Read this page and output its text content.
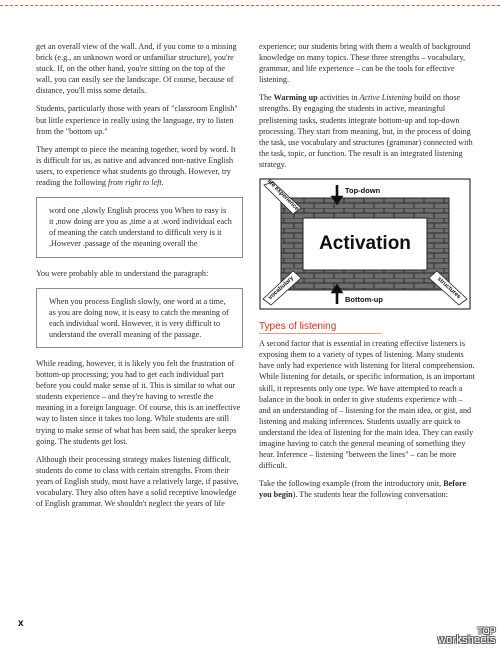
get an overall view of the wall. And, if you come to a missing brick (e.g., an unknown word or unfamiliar structure), you're stuck. If, on the other hand, you're sitting on the top of the wall, you can easily see the landscape. Of course, because of distance, you'll miss some details.

Students, particularly those with years of "classroom English" but little experience in really using the language, try to listen from the "bottom up."

They attempt to piece the meaning together, word by word. It is difficult for us, as native and advanced non-native English users, to experience what students go through. However, try reading the following from right to left.

word one ,slowly English process you When to easy is it ,now doing are you as ,time a at .word individual each of meaning the catch understand to difficult very is it ,However .passage of the meaning overall the

You were probably able to understand the paragraph:

When you process English slowly, one word at a time, as you are doing now, it is easy to catch the meaning of each individual word. However, it is very difficult to understand the overall meaning of the passage.

While reading, however, it is likely you felt the frustration of bottom-up processing; you had to get each individual part before you could make sense of it. This is similar to what our students experience – and they're having to wrestle the meaning in a foreign language. Of course, this is an ineffective way to listen since it takes too long. While students are still trying to make sense of what has been said, the speaker keeps going. The students get lost.

Although their processing strategy makes listening difficult, students do come to class with certain strengths. From their years of English study, most have a relatively large, if passive, vocabulary. They also often have a solid receptive knowledge of English grammar. We shouldn't neglect the years of life

experience; our students bring with them a wealth of background knowledge on many topics. These three strengths – vocabulary, grammar, and life experience – can be the tools for effective listening.

The Warming up activities in Active Listening build on those strengths. By engaging the students in active, meaningful prelistening tasks, students integrate bottom-up and top-down processing. They start from meaning, but, in the process of doing the task, use vocabulary and structures (grammar) connected with the task, topic, or function. The result is an integrated listening strategy.

Activation
Top-down
Bottom-up
life experience
vocabulary	structures

Types of listening

A second factor that is essential in creating effective listeners is exposing them to a variety of types of listening. Many students have only had experience with listening for literal comprehension. While listening for details, or specific information, is an important skill, it represents only one type. We have attempted to reach a balance in the book in order to give students experience with – and an understanding of – listening for the main idea, or gist, and listening and making inferences. Students usually are quick to understand the idea of listening for the main idea. They can easily imagine having to catch the general meaning of something they hear. Inference – listening "between the lines" – can be more difficult.

Take the following example (from the introductory unit, Before you begin). The students hear the following conversation:

x
TOP
worksheets
